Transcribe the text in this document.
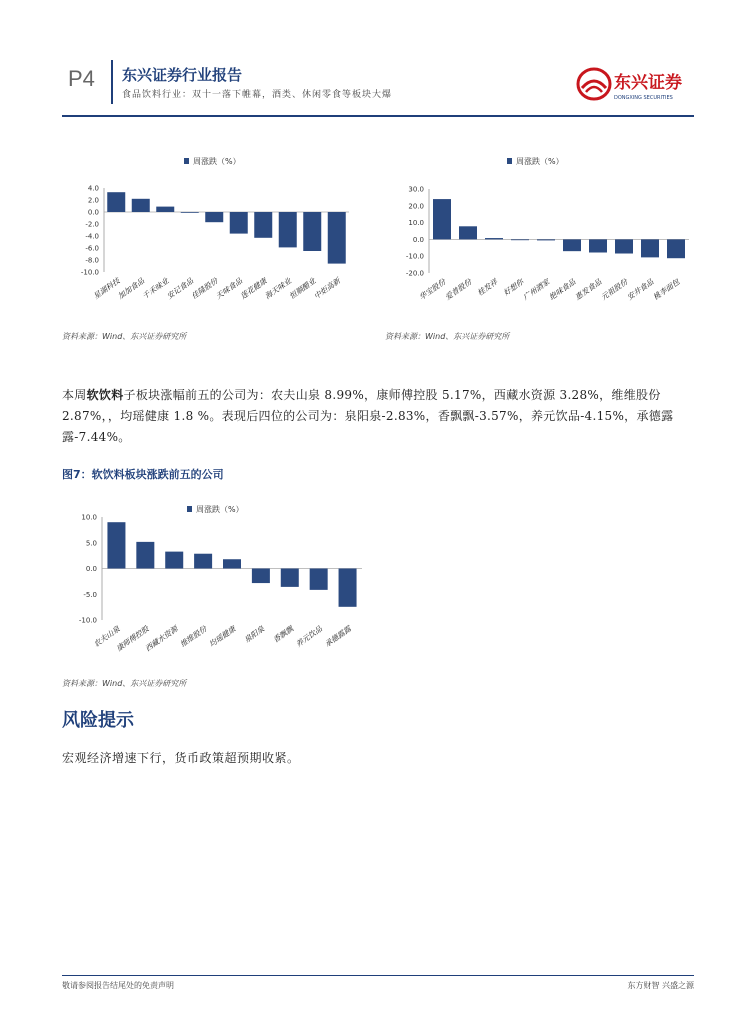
P4 东兴证券行业报告
食品饮料行业：双十一落下帷幕，酒类、休闲零食等板块大爆
东兴证券
DONGXING SECURITIES
周涨跌（%）
4.0
2.0
0.0
-2.0
-4.0
-6.0
-8.0
-10.0
星湖科技
加加食品
千禾味业
安记食品
佳隆股份
天味食品
莲花健康
海天味业
恒顺醋业
中炬高新
资料来源：Wind、东兴证券研究所
周涨跌（%）
30.0
20.0
10.0
0.0
-10.0
-20.0
华宝股份
爱普股份 桂发祥 好想你
广州酒家
绝味食品
惠发食品
元祖股份
安井食品
桃李面包
资料来源：Wind、东兴证券研究所
本周软饮料子板块涨幅前五的公司为：农夫山泉 8.99%，康师傅控股 5.17%，西藏水资源 3.28%，维维股份 2.87%，，均瑶健康 1.8 %。表现后四位的公司为：泉阳泉-2.83%，香飘飘-3.57%，养元饮品-4.15%，承德露露-7.44%。
图7：软饮料板块涨跌前五的公司
周涨跌（%）
10.0
5.0
0.0
-5.0
-10.0
农夫山泉
康师傅控股
西藏水资源 维维股份 均瑶健康 泉阳泉 香飘飘 养元饮品 承德露露
资料来源：Wind、东兴证券研究所
风险提示
宏观经济增速下行，货币政策超预期收紧。
敬请参阅报告结尾处的免责声明	东方财智 兴盛之源
